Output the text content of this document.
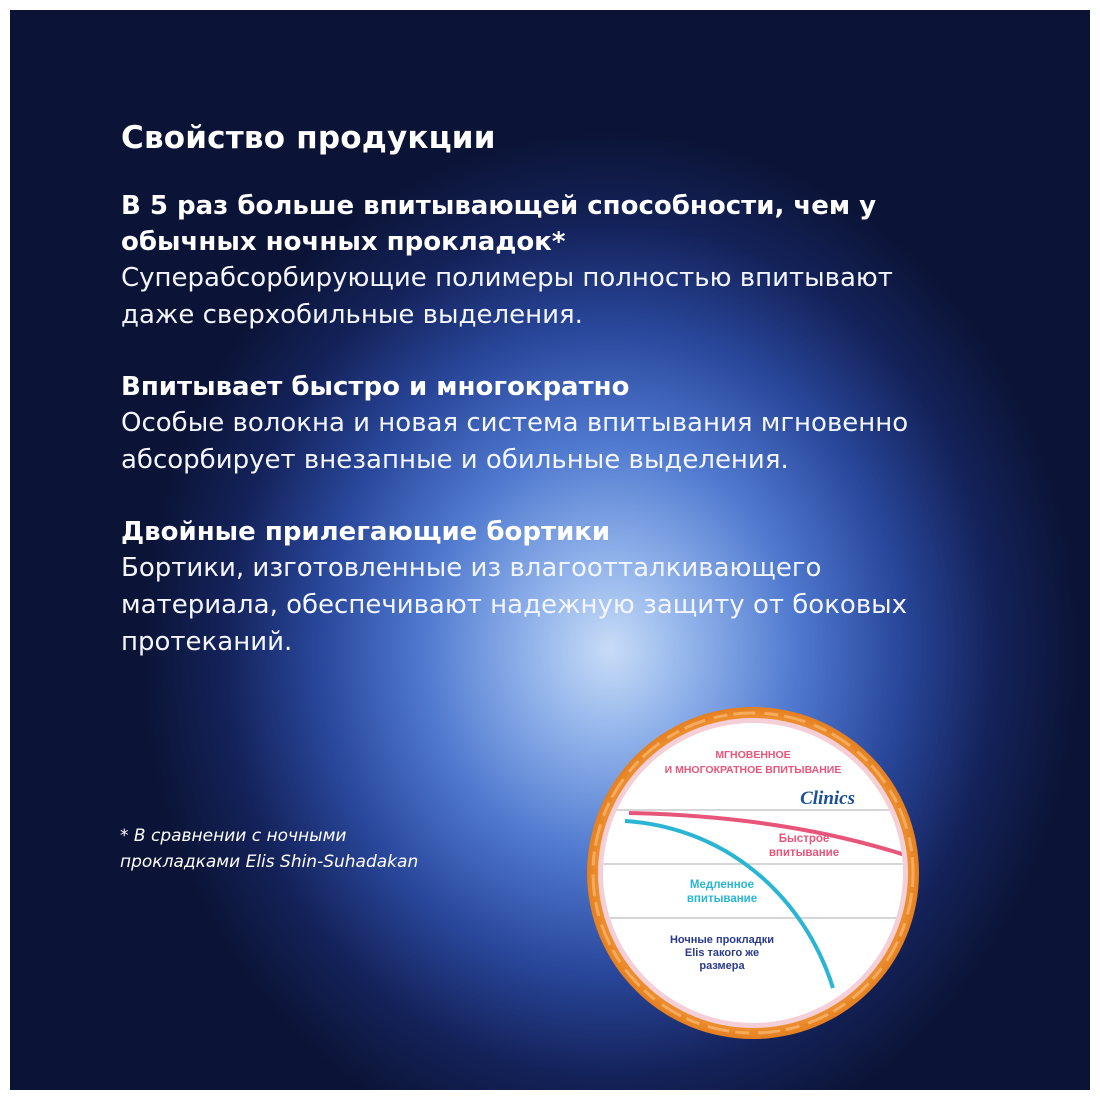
Свойство продукции
В 5 раз больше впитывающей способности, чем у
обычных ночных прокладок*
Суперабсорбирующие полимеры полностью впитывают
даже сверхобильные выделения.
Впитывает быстро и многократно
Особые волокна и новая система впитывания мгновенно
абсорбирует внезапные и обильные выделения.
Двойные прилегающие бортики
Бортики, изготовленные из влагоотталкивающего
материала, обеспечивают надежную защиту от боковых
протеканий.
* В сравнении с ночными
прокладками Elis Shin-Suhadakan
МГНОВЕННОЕ
И МНОГОКРАТНОЕ ВПИТЫВАНИЕ
Clinics
Быстрое
впитывание
Медленное
впитывание
Ночные прокладки
Elis такого же
размера
